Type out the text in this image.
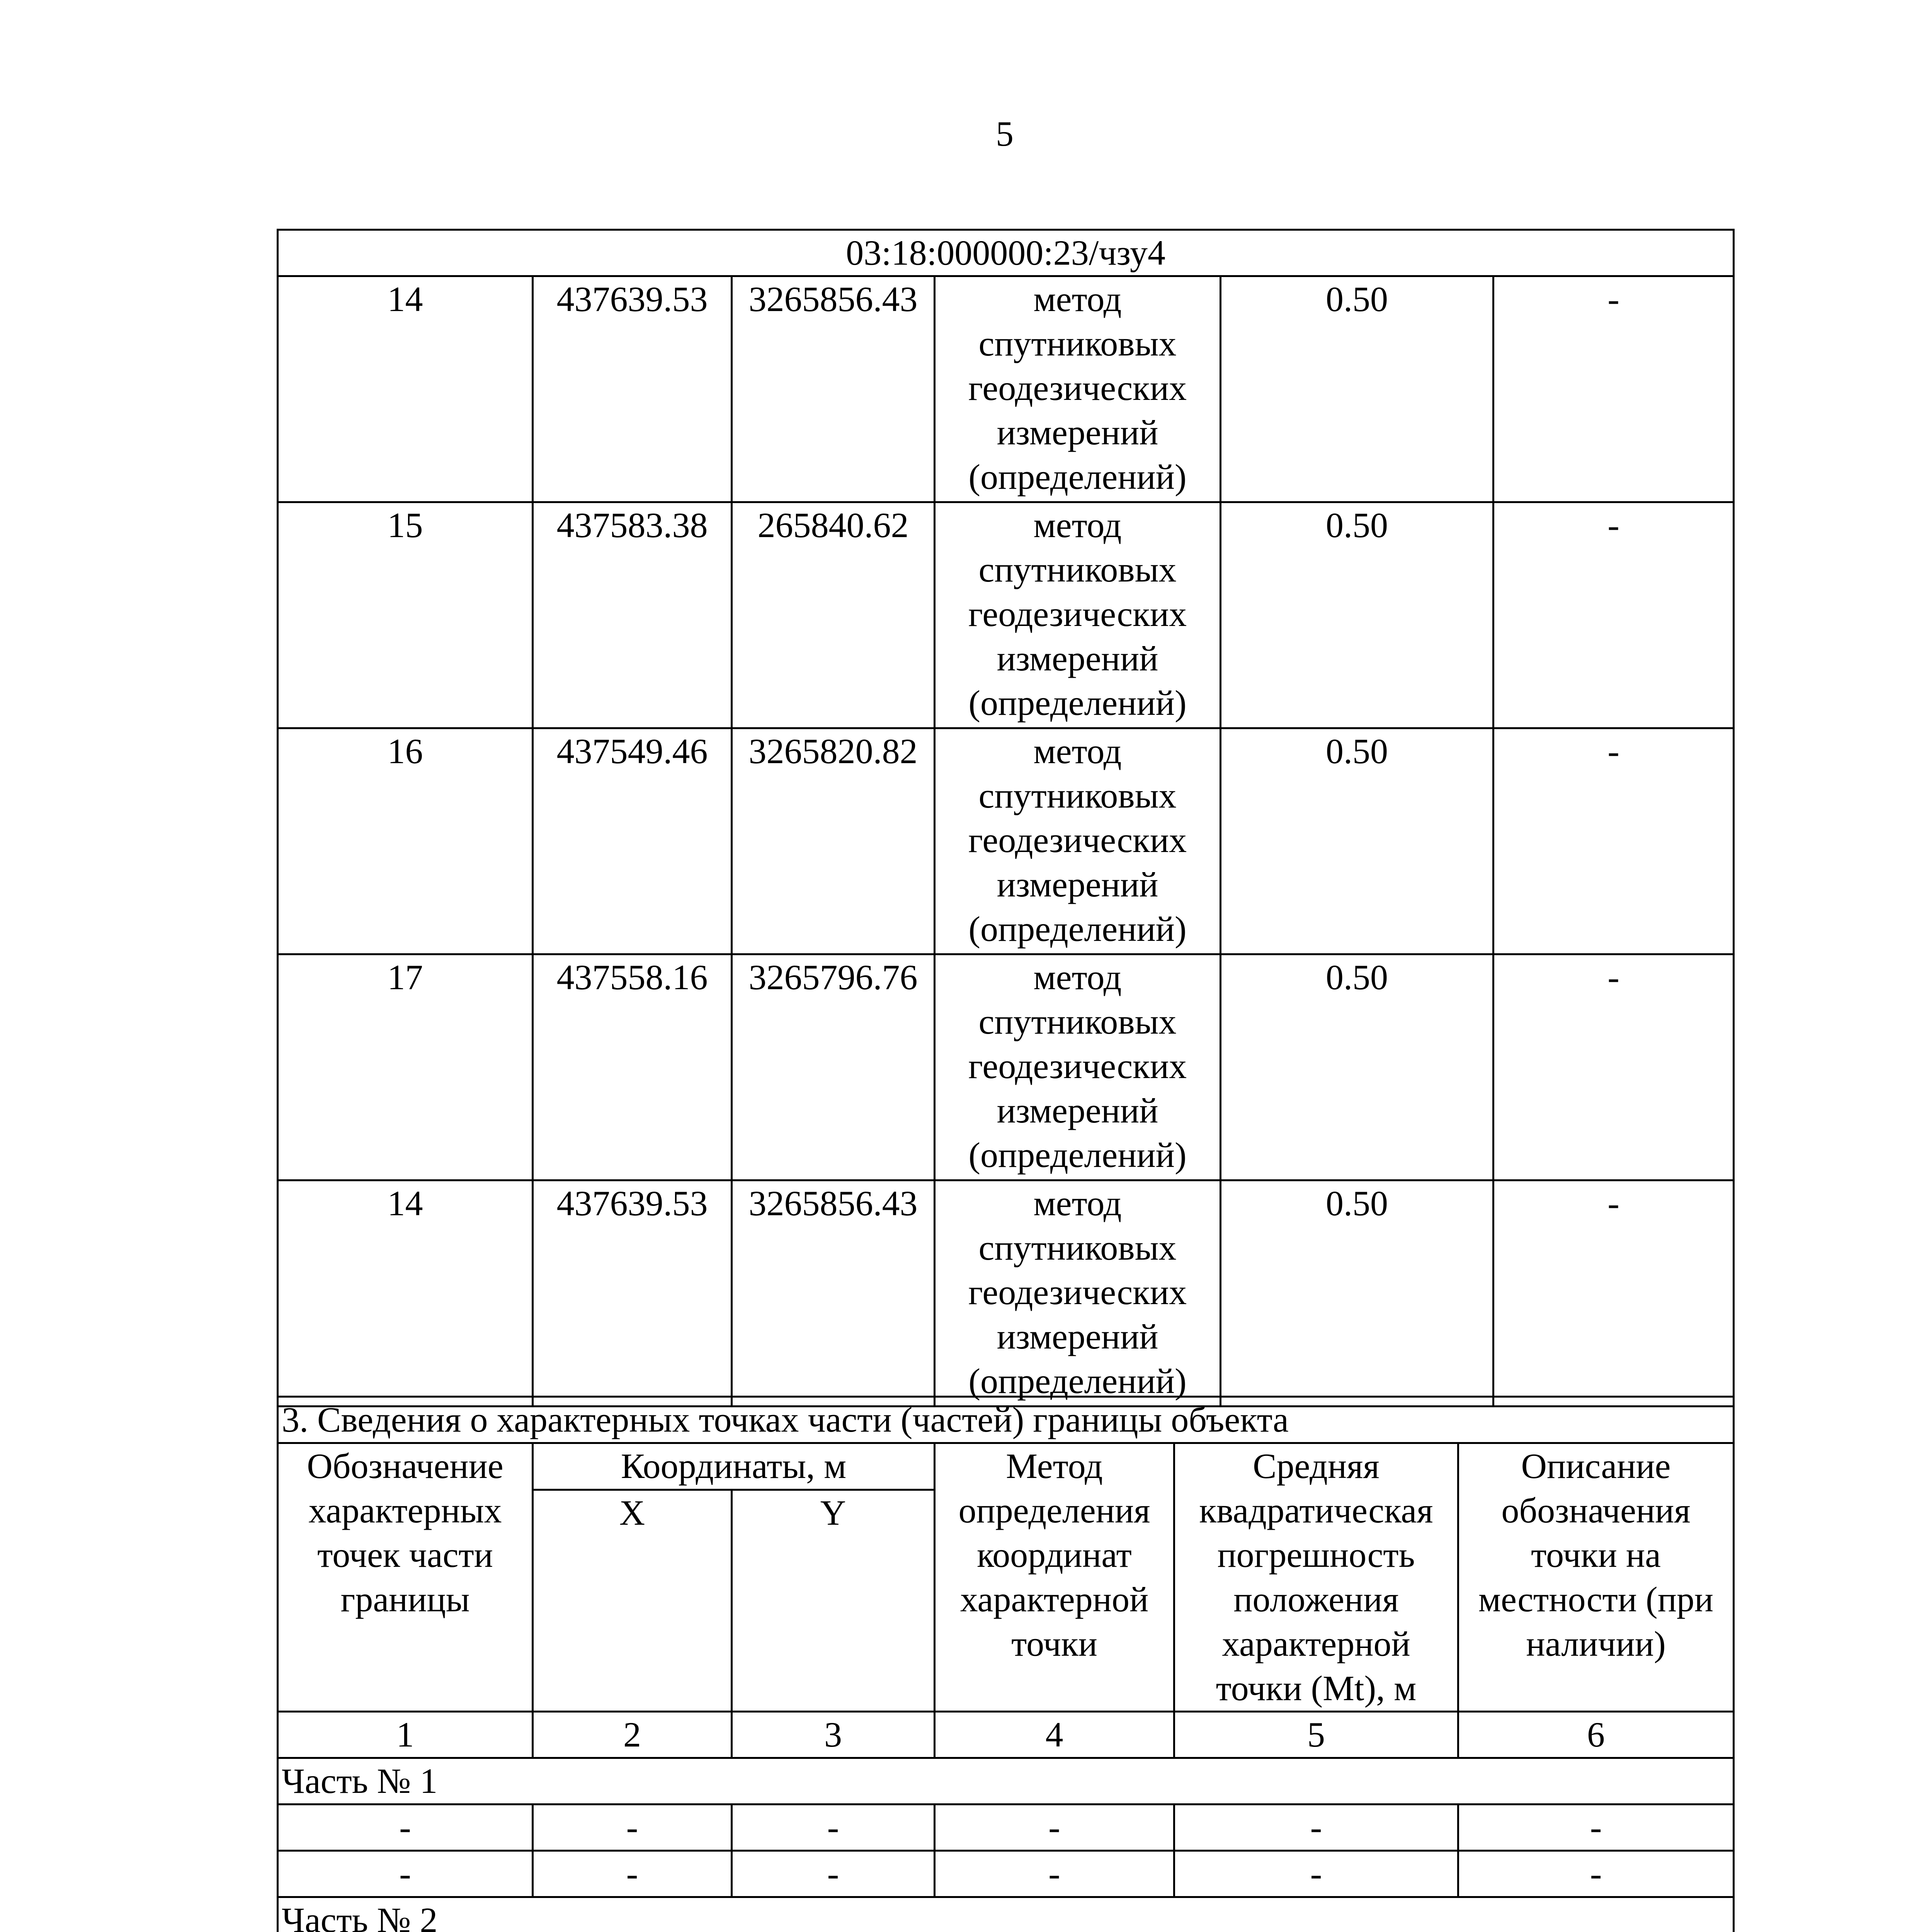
5
03:18:000000:23/чзу4					
14	437639.53	3265856.43	метод спутниковых геодезических измерений (определений)	0.50	-
15	437583.38	265840.62	метод спутниковых геодезических измерений (определений)	0.50	-
16	437549.46	3265820.82	метод спутниковых геодезических измерений (определений)	0.50	-
17	437558.16	3265796.76	метод спутниковых геодезических измерений (определений)	0.50	-
14	437639.53	3265856.43	метод спутниковых геодезических измерений (определений)	0.50	-
3. Сведения о характерных точках части (частей) границы объекта					
Обозначение характерных точек части границы	Координаты, м		Метод определения координат характерной точки	Средняя квадратическая погрешность положения характерной точки (Mt), м	Описание обозначения точки на местности (при наличии)
	X	Y			
1	2	3	4	5	6
Часть № 1					
-	-	-	-	-	-
-	-	-	-	-	-
Часть № 2					
